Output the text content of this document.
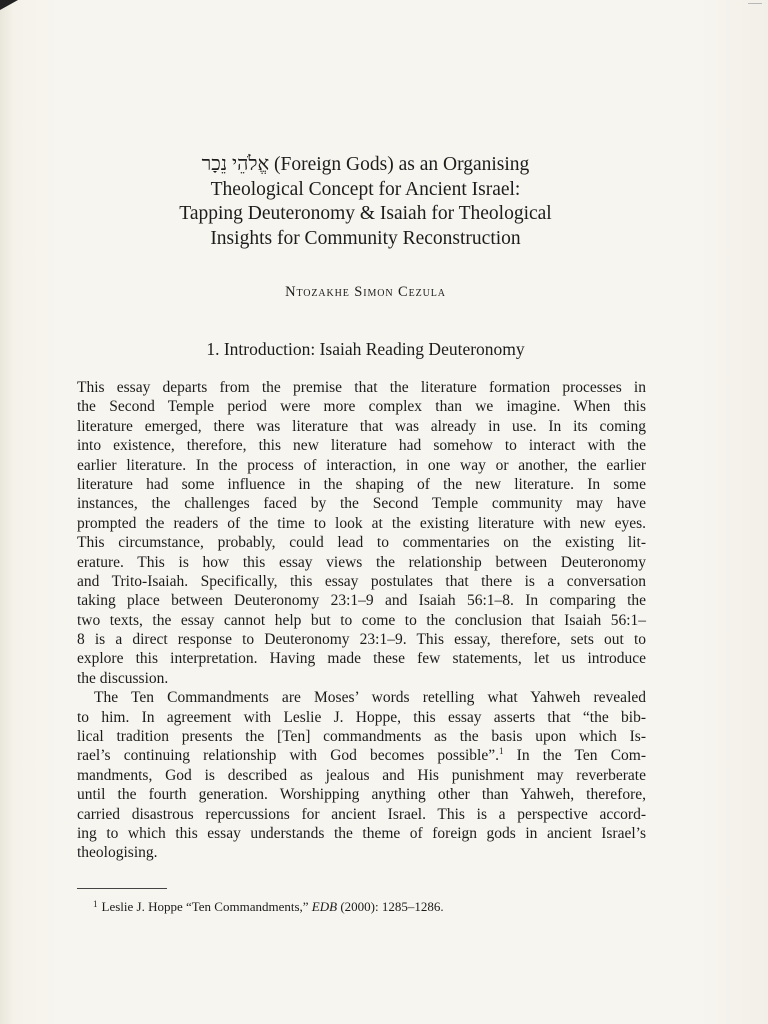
אֱלֹהֵי נֵכָר (Foreign Gods) as an Organising
Theological Concept for Ancient Israel:
Tapping Deuteronomy & Isaiah for Theological
Insights for Community Reconstruction
Ntozakhe Simon Cezula
1. Introduction: Isaiah Reading Deuteronomy
This essay departs from the premise that the literature formation processes in
the Second Temple period were more complex than we imagine. When this
literature emerged, there was literature that was already in use. In its coming
into existence, therefore, this new literature had somehow to interact with the
earlier literature. In the process of interaction, in one way or another, the earlier
literature had some influence in the shaping of the new literature. In some
instances, the challenges faced by the Second Temple community may have
prompted the readers of the time to look at the existing literature with new eyes.
This circumstance, probably, could lead to commentaries on the existing lit-
erature. This is how this essay views the relationship between Deuteronomy
and Trito-Isaiah. Specifically, this essay postulates that there is a conversation
taking place between Deuteronomy 23:1–9 and Isaiah 56:1–8. In comparing the
two texts, the essay cannot help but to come to the conclusion that Isaiah 56:1–
8 is a direct response to Deuteronomy 23:1–9. This essay, therefore, sets out to
explore this interpretation. Having made these few statements, let us introduce
the discussion.
The Ten Commandments are Moses’ words retelling what Yahweh revealed
to him. In agreement with Leslie J. Hoppe, this essay asserts that “the bib-
lical tradition presents the [Ten] commandments as the basis upon which Is-
rael’s continuing relationship with God becomes possible”.$^1$ In the Ten Com-
mandments, God is described as jealous and His punishment may reverberate
until the fourth generation. Worshipping anything other than Yahweh, therefore,
carried disastrous repercussions for ancient Israel. This is a perspective accord-
ing to which this essay understands the theme of foreign gods in ancient Israel’s
theologising.
$^1$ Leslie J. Hoppe “Ten Commandments,” EDB (2000): 1285–1286.
